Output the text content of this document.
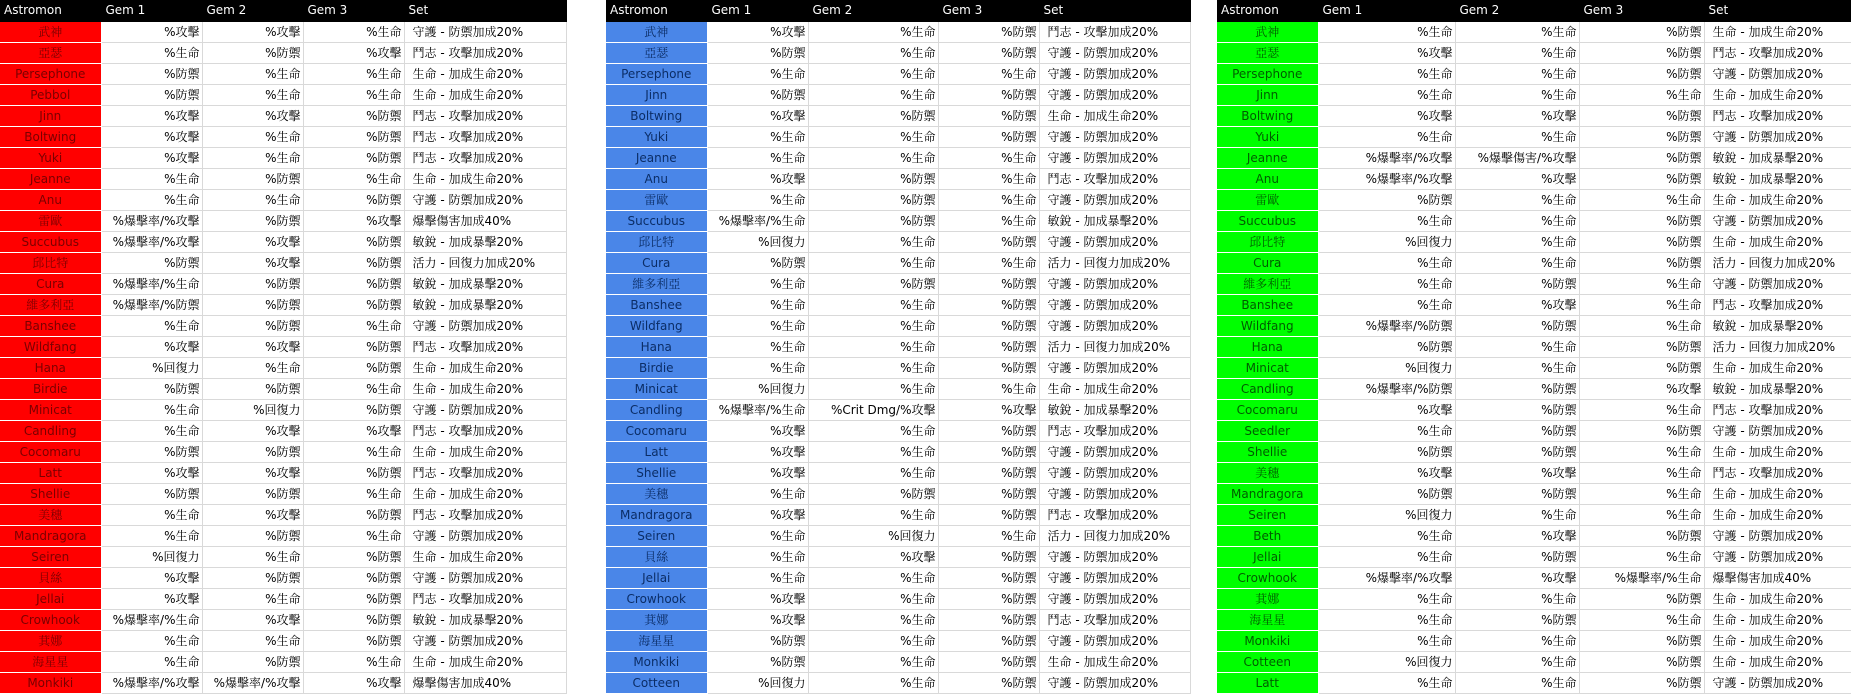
Astromon	Gem 1	Gem 2	Gem 3	Set
武神	%攻擊	%攻擊	%生命	守護 - 防禦加成20%
亞瑟	%生命	%防禦	%攻擊	鬥志 - 攻擊加成20%
Persephone	%防禦	%生命	%生命	生命 - 加成生命20%
Pebbol	%防禦	%生命	%生命	生命 - 加成生命20%
Jinn	%攻擊	%攻擊	%防禦	鬥志 - 攻擊加成20%
Boltwing	%攻擊	%生命	%防禦	鬥志 - 攻擊加成20%
Yuki	%攻擊	%生命	%防禦	鬥志 - 攻擊加成20%
Jeanne	%生命	%防禦	%生命	生命 - 加成生命20%
Anu	%生命	%生命	%防禦	守護 - 防禦加成20%
雷歐	%爆擊率/%攻擊	%防禦	%攻擊	爆擊傷害加成40%
Succubus	%爆擊率/%攻擊	%攻擊	%防禦	敏銳 - 加成暴擊20%
邱比特	%防禦	%攻擊	%防禦	活力 - 回復力加成20%
Cura	%爆擊率/%生命	%防禦	%防禦	敏銳 - 加成暴擊20%
維多利亞	%爆擊率/%防禦	%防禦	%防禦	敏銳 - 加成暴擊20%
Banshee	%生命	%防禦	%生命	守護 - 防禦加成20%
Wildfang	%攻擊	%攻擊	%防禦	鬥志 - 攻擊加成20%
Hana	%回復力	%生命	%防禦	生命 - 加成生命20%
Birdie	%防禦	%防禦	%生命	生命 - 加成生命20%
Minicat	%生命	%回復力	%防禦	守護 - 防禦加成20%
Candling	%生命	%攻擊	%攻擊	鬥志 - 攻擊加成20%
Cocomaru	%防禦	%防禦	%生命	生命 - 加成生命20%
Latt	%攻擊	%攻擊	%防禦	鬥志 - 攻擊加成20%
Shellie	%防禦	%防禦	%生命	生命 - 加成生命20%
美穗	%生命	%攻擊	%防禦	鬥志 - 攻擊加成20%
Mandragora	%生命	%防禦	%生命	守護 - 防禦加成20%
Seiren	%回復力	%生命	%防禦	生命 - 加成生命20%
貝絲	%攻擊	%防禦	%防禦	守護 - 防禦加成20%
Jellai	%攻擊	%生命	%防禦	鬥志 - 攻擊加成20%
Crowhook	%爆擊率/%生命	%攻擊	%防禦	敏銳 - 加成暴擊20%
萁娜	%生命	%生命	%防禦	守護 - 防禦加成20%
海星星	%生命	%防禦	%生命	生命 - 加成生命20%
Monkiki	%爆擊率/%攻擊	%爆擊率/%攻擊	%攻擊	爆擊傷害加成40%
Astromon	Gem 1	Gem 2	Gem 3	Set
武神	%攻擊	%生命	%防禦	鬥志 - 攻擊加成20%
亞瑟	%防禦	%生命	%防禦	守護 - 防禦加成20%
Persephone	%生命	%生命	%生命	守護 - 防禦加成20%
Jinn	%防禦	%生命	%防禦	守護 - 防禦加成20%
Boltwing	%攻擊	%防禦	%防禦	生命 - 加成生命20%
Yuki	%生命	%生命	%防禦	守護 - 防禦加成20%
Jeanne	%生命	%生命	%生命	守護 - 防禦加成20%
Anu	%攻擊	%防禦	%生命	鬥志 - 攻擊加成20%
雷歐	%生命	%防禦	%生命	守護 - 防禦加成20%
Succubus	%爆擊率/%生命	%防禦	%生命	敏銳 - 加成暴擊20%
邱比特	%回復力	%生命	%防禦	守護 - 防禦加成20%
Cura	%防禦	%生命	%生命	活力 - 回復力加成20%
維多利亞	%生命	%防禦	%防禦	守護 - 防禦加成20%
Banshee	%生命	%生命	%防禦	守護 - 防禦加成20%
Wildfang	%生命	%生命	%防禦	守護 - 防禦加成20%
Hana	%生命	%生命	%防禦	活力 - 回復力加成20%
Birdie	%生命	%生命	%防禦	守護 - 防禦加成20%
Minicat	%回復力	%生命	%生命	生命 - 加成生命20%
Candling	%爆擊率/%生命	%Crit Dmg/%攻擊	%攻擊	敏銳 - 加成暴擊20%
Cocomaru	%攻擊	%生命	%防禦	鬥志 - 攻擊加成20%
Latt	%攻擊	%生命	%防禦	守護 - 防禦加成20%
Shellie	%攻擊	%生命	%防禦	守護 - 防禦加成20%
美穗	%生命	%防禦	%防禦	守護 - 防禦加成20%
Mandragora	%攻擊	%生命	%防禦	鬥志 - 攻擊加成20%
Seiren	%生命	%回復力	%生命	活力 - 回復力加成20%
貝絲	%生命	%攻擊	%防禦	守護 - 防禦加成20%
Jellai	%生命	%生命	%防禦	守護 - 防禦加成20%
Crowhook	%攻擊	%生命	%防禦	守護 - 防禦加成20%
萁娜	%攻擊	%生命	%防禦	鬥志 - 攻擊加成20%
海星星	%防禦	%生命	%防禦	守護 - 防禦加成20%
Monkiki	%防禦	%生命	%防禦	生命 - 加成生命20%
Cotteen	%回復力	%生命	%防禦	守護 - 防禦加成20%
Astromon	Gem 1	Gem 2	Gem 3	Set
武神	%生命	%生命	%防禦	生命 - 加成生命20%
亞瑟	%攻擊	%生命	%防禦	鬥志 - 攻擊加成20%
Persephone	%生命	%生命	%防禦	守護 - 防禦加成20%
Jinn	%生命	%生命	%生命	生命 - 加成生命20%
Boltwing	%攻擊	%攻擊	%防禦	鬥志 - 攻擊加成20%
Yuki	%生命	%生命	%防禦	守護 - 防禦加成20%
Jeanne	%爆擊率/%攻擊	%爆擊傷害/%攻擊	%防禦	敏銳 - 加成暴擊20%
Anu	%爆擊率/%攻擊	%攻擊	%防禦	敏銳 - 加成暴擊20%
雷歐	%防禦	%生命	%生命	生命 - 加成生命20%
Succubus	%生命	%生命	%防禦	守護 - 防禦加成20%
邱比特	%回復力	%生命	%防禦	生命 - 加成生命20%
Cura	%生命	%生命	%防禦	活力 - 回復力加成20%
維多利亞	%生命	%防禦	%生命	守護 - 防禦加成20%
Banshee	%生命	%攻擊	%生命	鬥志 - 攻擊加成20%
Wildfang	%爆擊率/%防禦	%防禦	%生命	敏銳 - 加成暴擊20%
Hana	%防禦	%生命	%防禦	活力 - 回復力加成20%
Minicat	%回復力	%生命	%防禦	生命 - 加成生命20%
Candling	%爆擊率/%防禦	%防禦	%攻擊	敏銳 - 加成暴擊20%
Cocomaru	%攻擊	%防禦	%生命	鬥志 - 攻擊加成20%
Seedler	%生命	%防禦	%防禦	守護 - 防禦加成20%
Shellie	%防禦	%防禦	%生命	生命 - 加成生命20%
美穗	%攻擊	%攻擊	%生命	鬥志 - 攻擊加成20%
Mandragora	%防禦	%防禦	%生命	生命 - 加成生命20%
Seiren	%回復力	%生命	%生命	生命 - 加成生命20%
Beth	%生命	%攻擊	%防禦	守護 - 防禦加成20%
Jellai	%生命	%防禦	%生命	守護 - 防禦加成20%
Crowhook	%爆擊率/%攻擊	%攻擊	%爆擊率/%生命	爆擊傷害加成40%
萁娜	%生命	%生命	%防禦	生命 - 加成生命20%
海星星	%生命	%防禦	%生命	生命 - 加成生命20%
Monkiki	%生命	%生命	%防禦	生命 - 加成生命20%
Cotteen	%回復力	%生命	%防禦	生命 - 加成生命20%
Latt	%生命	%生命	%防禦	守護 - 防禦加成20%
